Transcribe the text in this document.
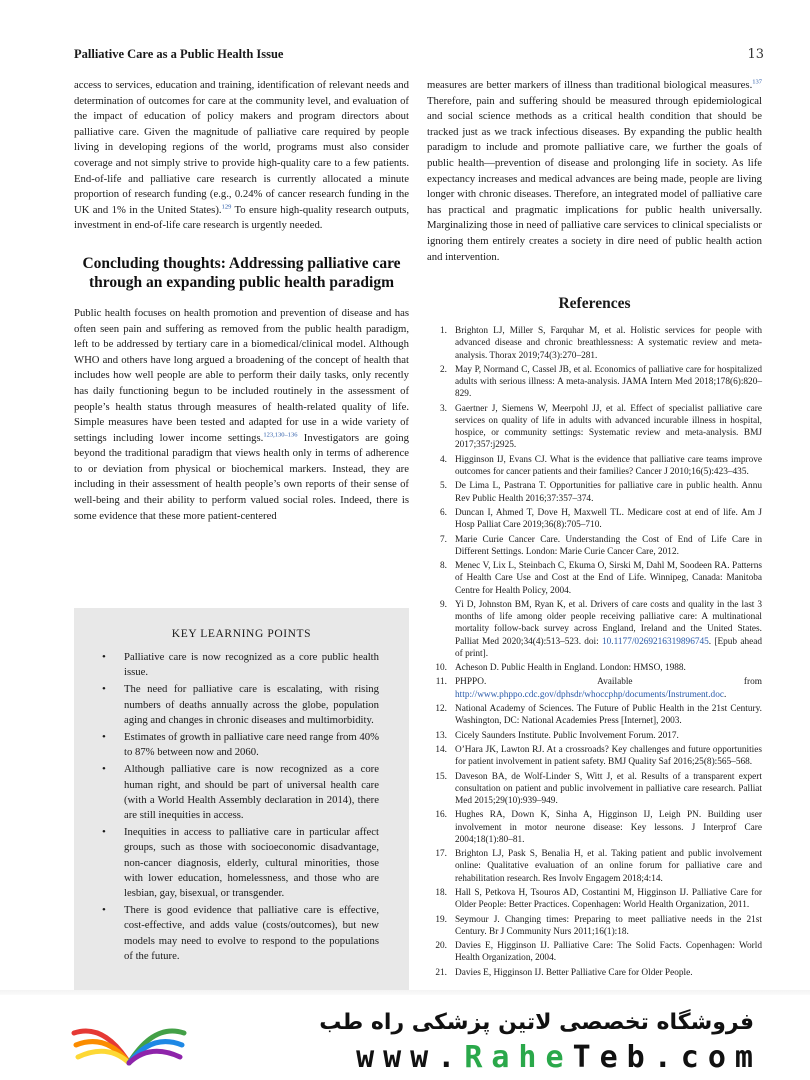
Palliative Care as a Public Health Issue	13

access to services, education and training, identification of relevant needs and determination of outcomes for care at the community level, and evaluation of the impact of education of policy makers and program directors about palliative care. Given the magnitude of palliative care required by people living in developing regions of the world, programs must also consider coverage and not simply strive to provide high-quality care to a few patients. End-of-life and palliative care research is currently allocated a minute proportion of research funding (e.g., 0.24% of cancer research funding in the UK and 1% in the United States).$^{129}$ To ensure high-quality research outputs, investment in end-of-life care research is urgently needed.

Concluding thoughts: Addressing palliative care through an expanding public health paradigm

Public health focuses on health promotion and prevention of disease and has often seen pain and suffering as removed from the public health paradigm, left to be addressed by tertiary care in a biomedical/clinical model. Although WHO and others have long argued a broadening of the concept of health that includes how well people are able to perform their daily tasks, only recently has daily functioning begun to be included routinely in the assessment of people’s health status through measures of health-related quality of life. Simple measures have been tested and adapted for use in a wide variety of settings including lower income settings.$^{123,130-136}$ Investigators are going beyond the traditional paradigm that views health only in terms of adherence to or deviation from physical or biochemical markers. Instead, they are including in their assessment of health people’s own reports of their sense of well-being and their ability to perform valued social roles. Indeed, there is some evidence that these more patient-centered

KEY LEARNING POINTS
• Palliative care is now recognized as a core public health issue.
• The need for palliative care is escalating, with rising numbers of deaths annually across the globe, population aging and changes in chronic diseases and multimorbidity.
• Estimates of growth in palliative care need range from 40% to 87% between now and 2060.
• Although palliative care is now recognized as a core human right, and should be part of universal health care (with a World Health Assembly declaration in 2014), there are still inequities in access.
• Inequities in access to palliative care in particular affect groups, such as those with socioeconomic disadvantage, non-cancer diagnosis, elderly, cultural minorities, those with lower education, homelessness, and those who are lesbian, gay, bisexual, or transgender.
• There is good evidence that palliative care is effective, cost-effective, and adds value (costs/outcomes), but new models may need to evolve to respond to the populations of the future.

measures are better markers of illness than traditional biological measures.$^{137}$ Therefore, pain and suffering should be measured through epidemiological and social science methods as a critical health condition that should be tracked just as we track infectious diseases. By expanding the public health paradigm to include and promote palliative care, we further the goals of public health—prevention of disease and prolonging life in society. As life expectancy increases and medical advances are being made, people are living longer with chronic diseases. Therefore, an integrated model of palliative care has practical and pragmatic implications for public health universally. Marginalizing those in need of palliative care services to clinical specialists or ignoring them entirely creates a society in dire need of public health action and intervention.

References
1. Brighton LJ, Miller S, Farquhar M, et al. Holistic services for people with advanced disease and chronic breathlessness: A systematic review and meta-analysis. Thorax 2019;74(3):270–281.
2. May P, Normand C, Cassel JB, et al. Economics of palliative care for hospitalized adults with serious illness: A meta-analysis. JAMA Intern Med 2018;178(6):820–829.
3. Gaertner J, Siemens W, Meerpohl JJ, et al. Effect of specialist palliative care services on quality of life in adults with advanced incurable illness in hospital, hospice, or community settings: Systematic review and meta-analysis. BMJ 2017;357:j2925.
4. Higginson IJ, Evans CJ. What is the evidence that palliative care teams improve outcomes for cancer patients and their families? Cancer J 2010;16(5):423–435.
5. De Lima L, Pastrana T. Opportunities for palliative care in public health. Annu Rev Public Health 2016;37:357–374.
6. Duncan I, Ahmed T, Dove H, Maxwell TL. Medicare cost at end of life. Am J Hosp Palliat Care 2019;36(8):705–710.
7. Marie Curie Cancer Care. Understanding the Cost of End of Life Care in Different Settings. London: Marie Curie Cancer Care, 2012.
8. Menec V, Lix L, Steinbach C, Ekuma O, Sirski M, Dahl M, Soodeen RA. Patterns of Health Care Use and Cost at the End of Life. Winnipeg, Canada: Manitoba Centre for Health Policy, 2004.
9. Yi D, Johnston BM, Ryan K, et al. Drivers of care costs and quality in the last 3 months of life among older people receiving palliative care: A multinational mortality follow-back survey across England, Ireland and the United States. Palliat Med 2020;34(4):513–523. doi: 10.1177/0269216319896745. [Epub ahead of print].
10. Acheson D. Public Health in England. London: HMSO, 1988.
11. PHPPO. Available from http://www.phppo.cdc.gov/dphsdr/whoccphp/documents/Instrument.doc.
12. National Academy of Sciences. The Future of Public Health in the 21st Century. Washington, DC: National Academies Press [Internet], 2003.
13. Cicely Saunders Institute. Public Involvement Forum. 2017.
14. O’Hara JK, Lawton RJ. At a crossroads? Key challenges and future opportunities for patient involvement in patient safety. BMJ Quality Saf 2016;25(8):565–568.
15. Daveson BA, de Wolf-Linder S, Witt J, et al. Results of a transparent expert consultation on patient and public involvement in palliative care research. Palliat Med 2015;29(10):939–949.
16. Hughes RA, Down K, Sinha A, Higginson IJ, Leigh PN. Building user involvement in motor neurone disease: Key lessons. J Interprof Care 2004;18(1):80–81.
17. Brighton LJ, Pask S, Benalia H, et al. Taking patient and public involvement online: Qualitative evaluation of an online forum for palliative care and rehabilitation research. Res Involv Engagem 2018;4:14.
18. Hall S, Petkova H, Tsouros AD, Costantini M, Higginson IJ. Palliative Care for Older People: Better Practices. Copenhagen: World Health Organization, 2011.
19. Seymour J. Changing times: Preparing to meet palliative needs in the 21st Century. Br J Community Nurs 2011;16(1):18.
20. Davies E, Higginson IJ. Palliative Care: The Solid Facts. Copenhagen: World Health Organization, 2004.
21. Davies E, Higginson IJ. Better Palliative Care for Older People.
فروشگاه تخصصی لاتین پزشکی راه طب
www.RaheTeb.com
